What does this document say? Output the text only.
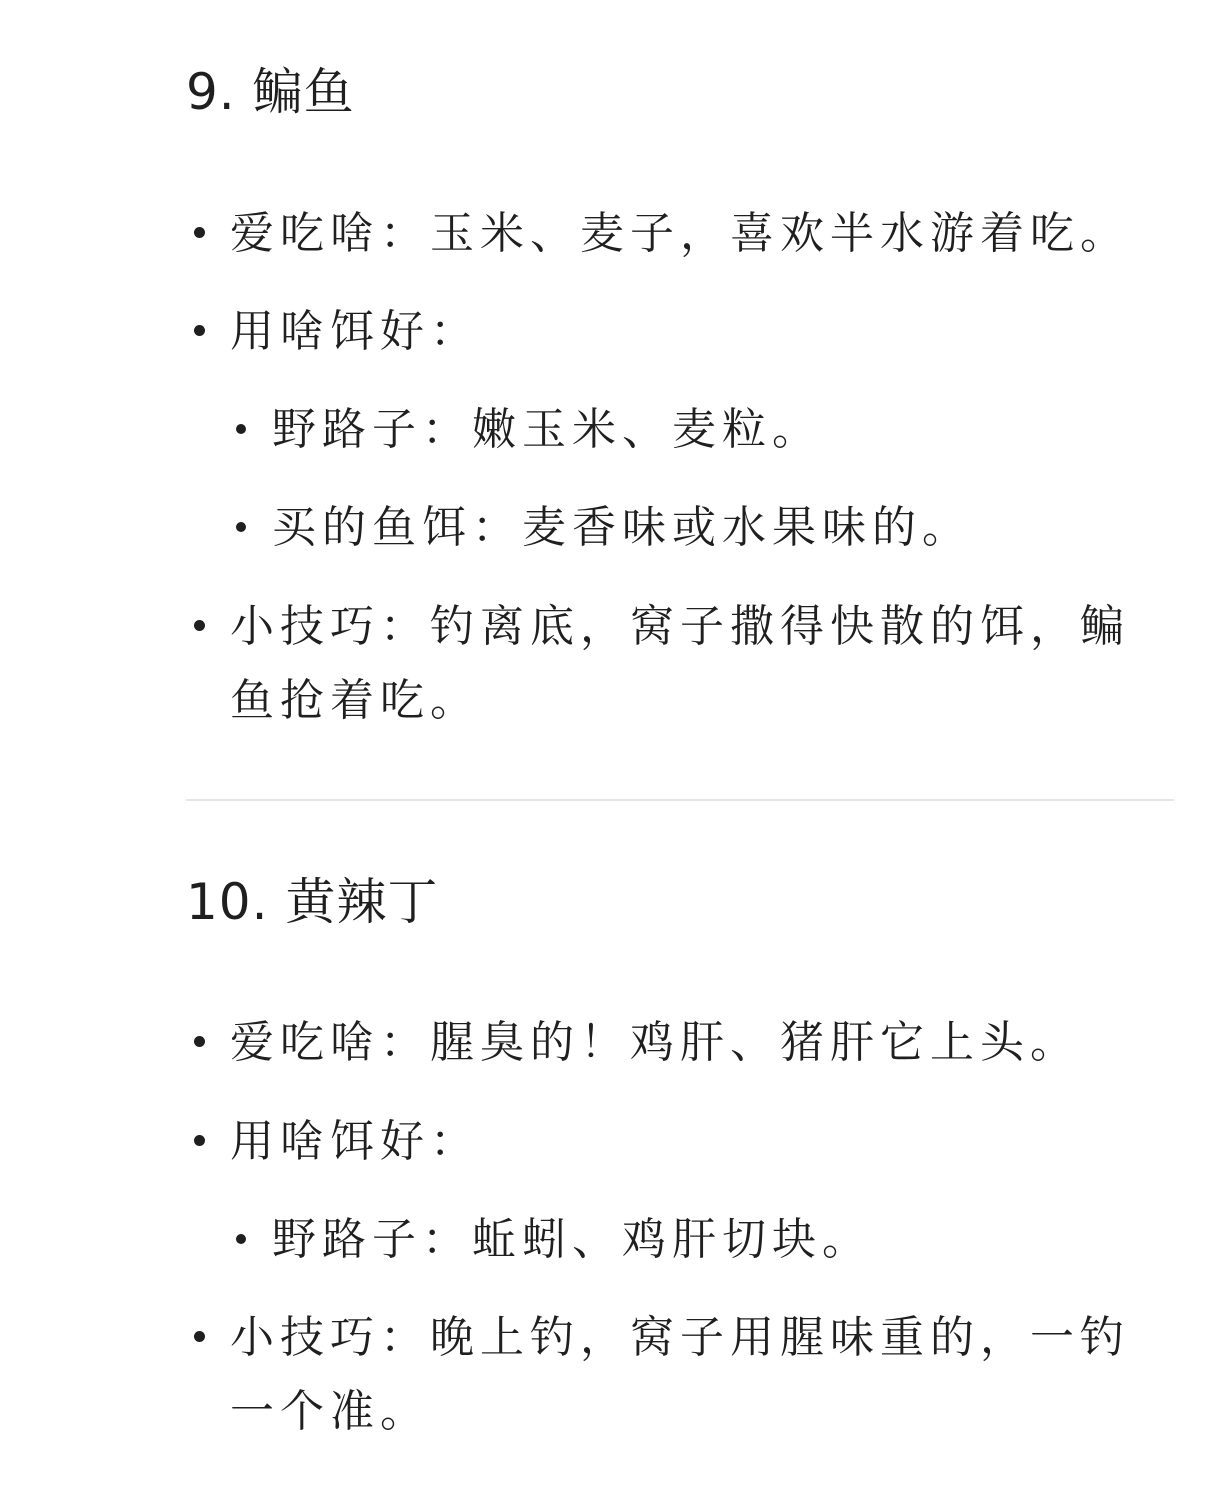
9. 鳊鱼
爱吃啥：玉米、麦子，喜欢半水游着吃。
用啥饵好：
野路子：嫩玉米、麦粒。
买的鱼饵：麦香味或水果味的。
小技巧：钓离底，窝子撒得快散的饵，鳊
鱼抢着吃。
10. 黄辣丁
爱吃啥：腥臭的！鸡肝、猪肝它上头。
用啥饵好：
野路子：蚯蚓、鸡肝切块。
小技巧：晚上钓，窝子用腥味重的，一钓
一个准。
